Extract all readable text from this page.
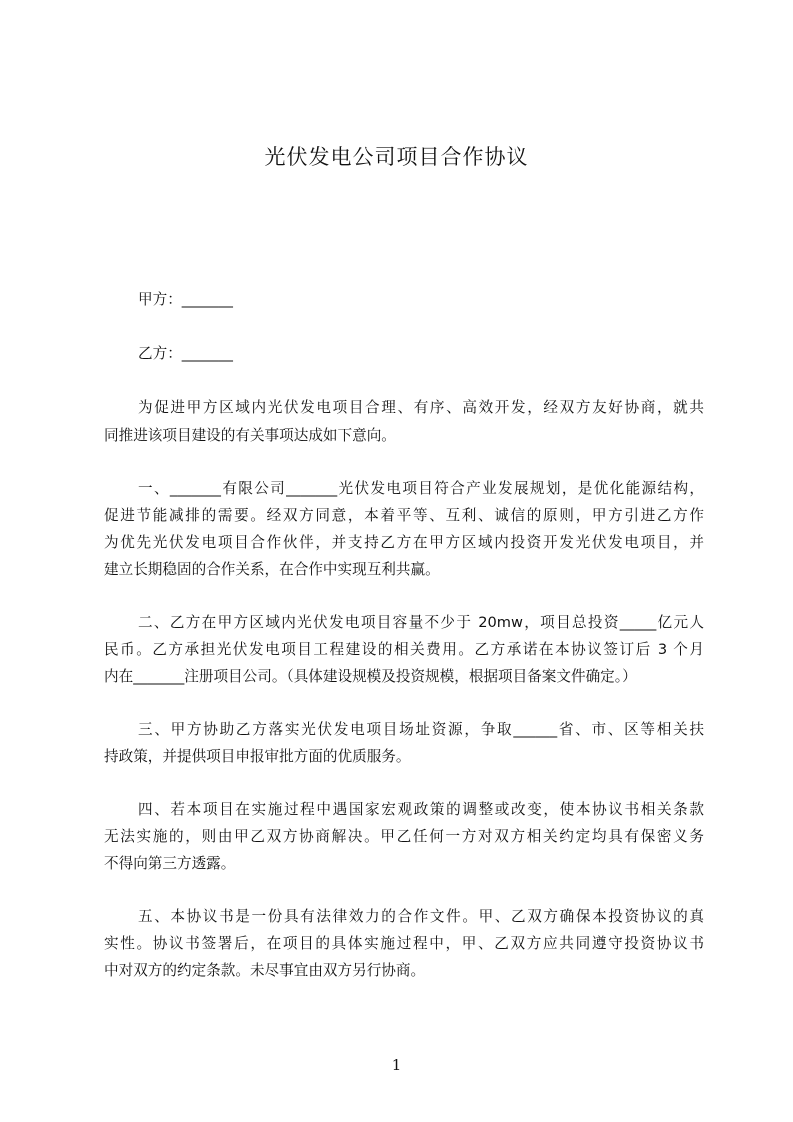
光伏发电公司项目合作协议
甲方：_______
乙方：_______
为促进甲方区域内光伏发电项目合理、有序、高效开发，经双方友好协商，就共
同推进该项目建设的有关事项达成如下意向。
一、_______有限公司_______光伏发电项目符合产业发展规划，是优化能源结构，
促进节能减排的需要。经双方同意，本着平等、互利、诚信的原则，甲方引进乙方作
为优先光伏发电项目合作伙伴，并支持乙方在甲方区域内投资开发光伏发电项目，并
建立长期稳固的合作关系，在合作中实现互利共赢。
二、乙方在甲方区域内光伏发电项目容量不少于 20mw，项目总投资_____亿元人
民币。乙方承担光伏发电项目工程建设的相关费用。乙方承诺在本协议签订后 3 个月
内在_______注册项目公司。（具体建设规模及投资规模，根据项目备案文件确定。）
三、甲方协助乙方落实光伏发电项目场址资源，争取______省、市、区等相关扶
持政策，并提供项目申报审批方面的优质服务。
四、若本项目在实施过程中遇国家宏观政策的调整或改变，使本协议书相关条款
无法实施的，则由甲乙双方协商解决。甲乙任何一方对双方相关约定均具有保密义务
不得向第三方透露。
五、本协议书是一份具有法律效力的合作文件。甲、乙双方确保本投资协议的真
实性。协议书签署后，在项目的具体实施过程中，甲、乙双方应共同遵守投资协议书
中对双方的约定条款。未尽事宜由双方另行协商。
1
